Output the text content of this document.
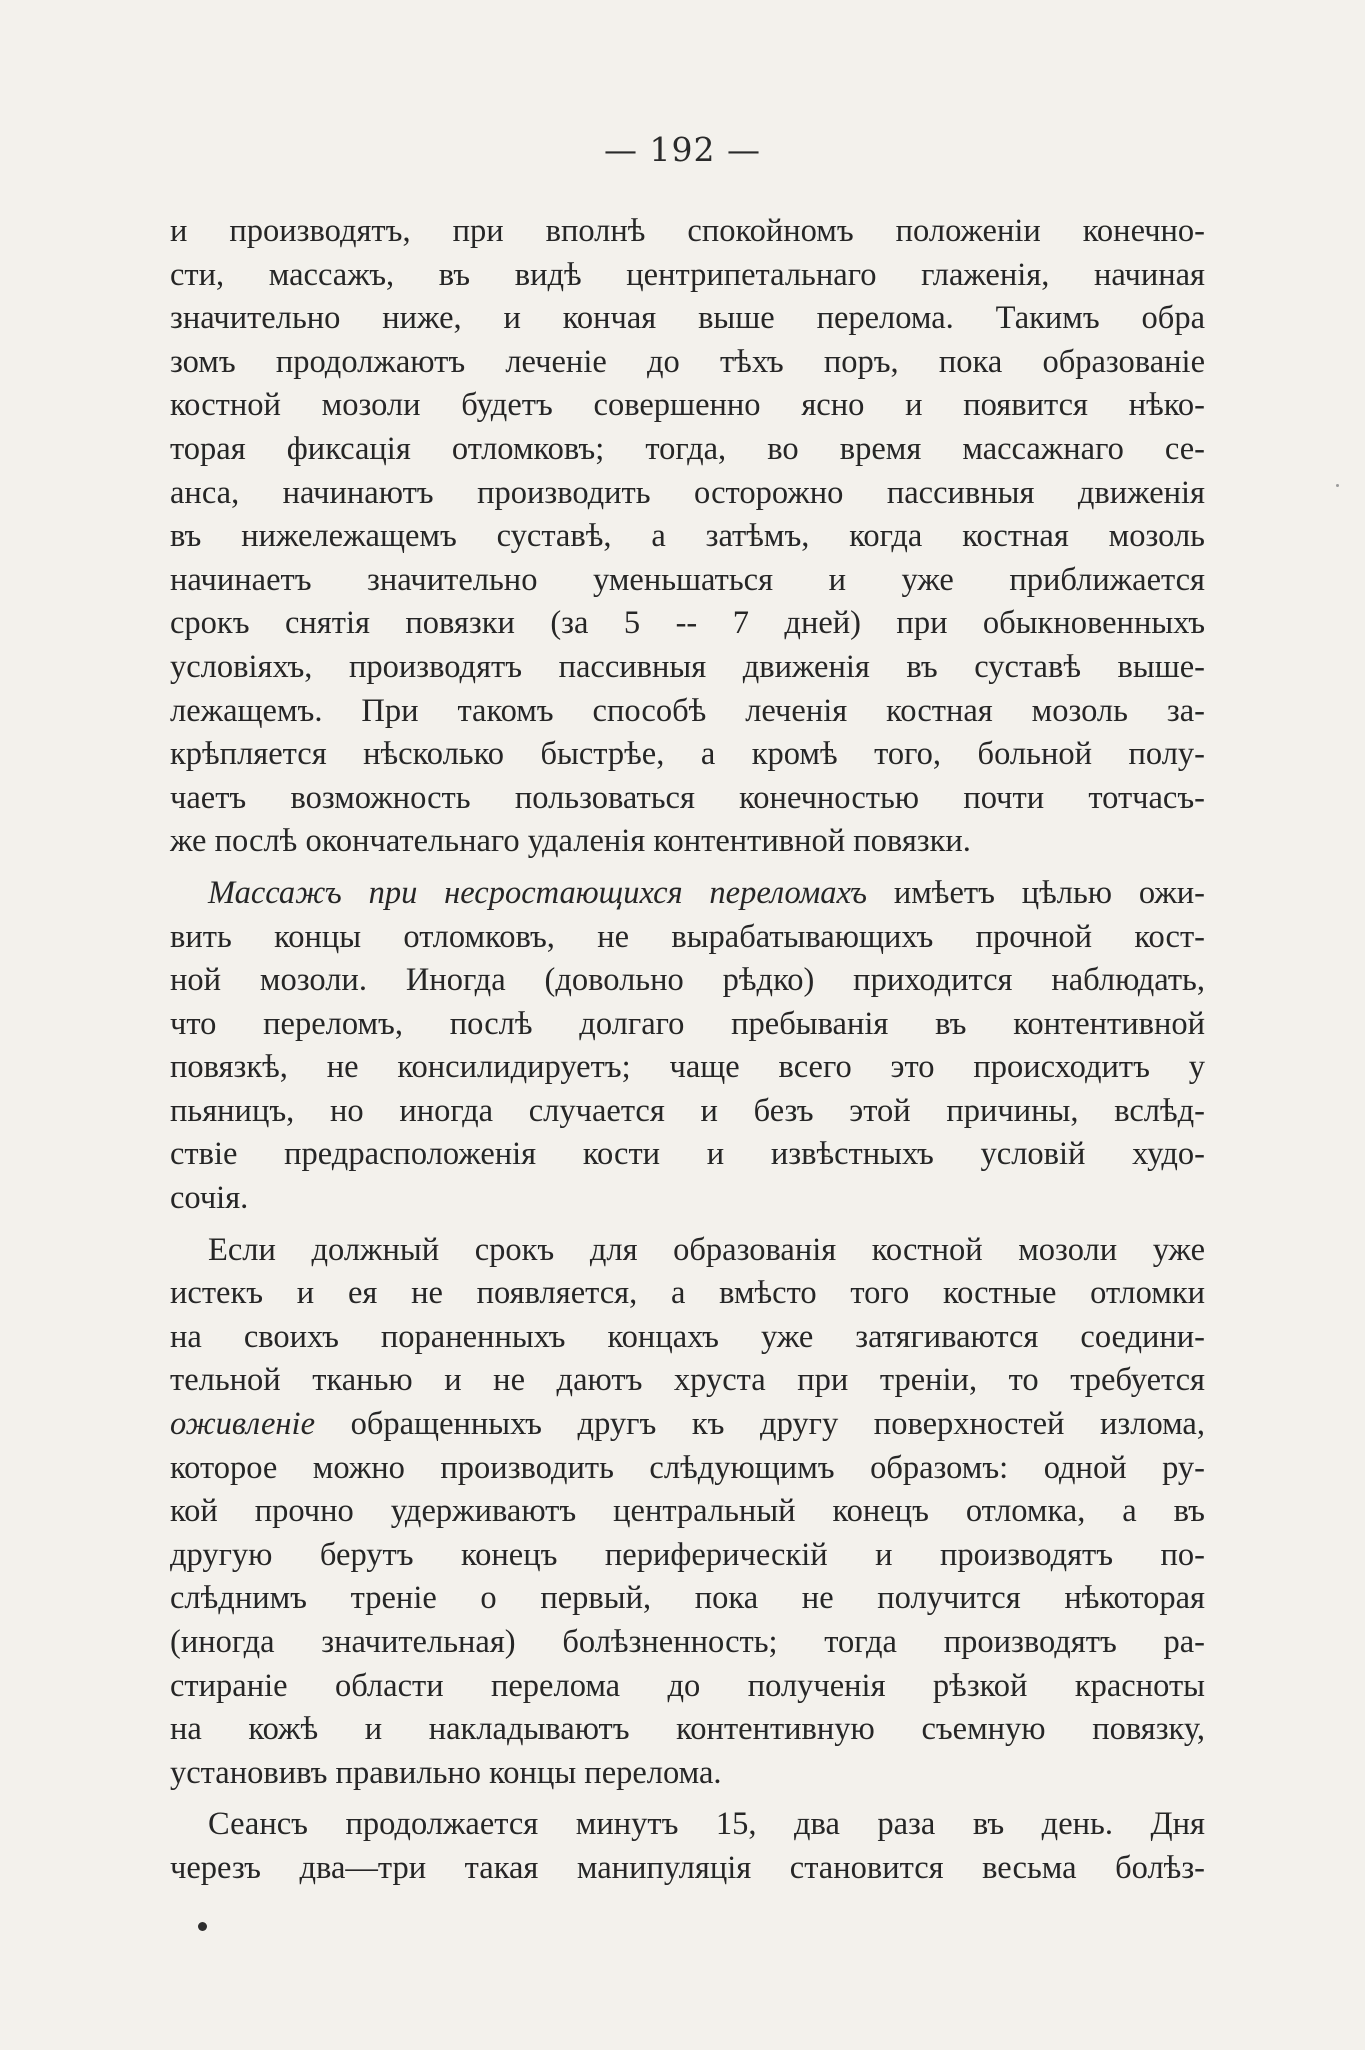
— 192 —
и производятъ, при вполнѣ спокойномъ положенiи конечно-
сти, массажъ, въ видѣ центрипетальнаго глаженiя, начиная
значительно ниже, и кончая выше перелома. Такимъ обра
зомъ продолжаютъ леченiе до тѣхъ поръ, пока образованiе
костной мозоли будетъ совершенно ясно и появится нѣко-
торая фиксацiя отломковъ; тогда, во время массажнаго се-
анса, начинаютъ производить осторожно пассивныя движенiя
въ нижележащемъ суставѣ, а затѣмъ, когда костная мозоль
начинаетъ значительно уменьшаться и уже приближается
срокъ снятiя повязки (за 5 -- 7 дней) при обыкновенныхъ
условiяхъ, производятъ пассивныя движенiя въ суставѣ выше-
лежащемъ. При такомъ способѣ леченiя костная мозоль за-
крѣпляется нѣсколько быстрѣе, а кромѣ того, больной полу-
чаетъ возможность пользоваться конечностью почти тотчасъ-
же послѣ окончательнаго удаленiя контентивной повязки.
Массажъ при несростающихся переломахъ имѣетъ цѣлью ожи-
вить концы отломковъ, не вырабатывающихъ прочной кост-
ной мозоли. Иногда (довольно рѣдко) приходится наблюдать,
что переломъ, послѣ долгаго пребыванiя въ контентивной
повязкѣ, не консилидируетъ; чаще всего это происходитъ у
пьяницъ, но иногда случается и безъ этой причины, вслѣд-
ствiе предрасположенiя кости и извѣстныхъ условiй худо-
сочiя.
Если должный срокъ для образованiя костной мозоли уже
истекъ и ея не появляется, а вмѣсто того костные отломки
на своихъ пораненныхъ концахъ уже затягиваются соедини-
тельной тканью и не даютъ хруста при тренiи, то требуется
оживленiе обращенныхъ другъ къ другу поверхностей излома,
которое можно производить слѣдующимъ образомъ: одной ру-
кой прочно удерживаютъ центральный конецъ отломка, а въ
другую берутъ конецъ периферическiй и производятъ по-
слѣднимъ тренiе о первый, пока не получится нѣкоторая
(иногда значительная) болѣзненность; тогда производятъ ра-
стиранiе области перелома до полученiя рѣзкой красноты
на кожѣ и накладываютъ контентивную съемную повязку,
установивъ правильно концы перелома.
Сеансъ продолжается минутъ 15, два раза въ день. Дня
черезъ два—три такая манипуляцiя становится весьма болѣз-
